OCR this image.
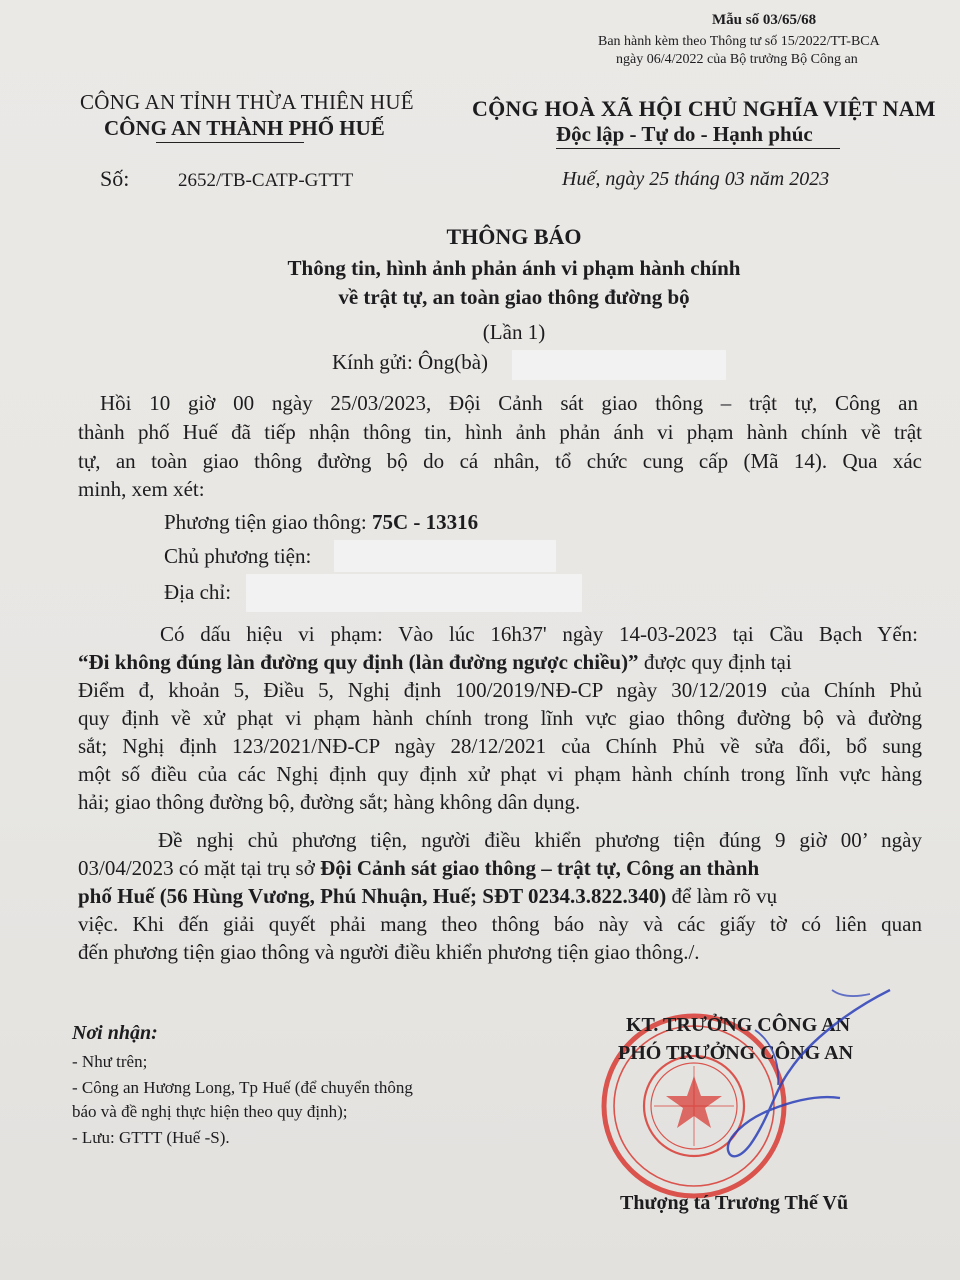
Mẫu số 03/65/68
Ban hành kèm theo Thông tư số 15/2022/TT-BCA
ngày 06/4/2022 của Bộ trưởng Bộ Công an
CÔNG AN TỈNH THỪA THIÊN HUẾ
CÔNG AN THÀNH PHỐ HUẾ
Số:	2652/TB-CATP-GTTT
CỘNG HOÀ XÃ HỘI CHỦ NGHĨA VIỆT NAM
Độc lập - Tự do - Hạnh phúc
Huế, ngày 25 tháng 03 năm 2023
THÔNG BÁO
Thông tin, hình ảnh phản ánh vi phạm hành chính
về trật tự, an toàn giao thông đường bộ
(Lần 1)
Kính gửi: Ông(bà)
Hồi 10 giờ 00 ngày 25/03/2023, Đội Cảnh sát giao thông – trật tự, Công an
thành phố Huế đã tiếp nhận thông tin, hình ảnh phản ánh vi phạm hành chính về trật
tự, an toàn giao thông đường bộ do cá nhân, tổ chức cung cấp (Mã 14). Qua xác
minh, xem xét:
Phương tiện giao thông: 75C - 13316
Chủ phương tiện:
Địa chỉ:
Có dấu hiệu vi phạm: Vào lúc 16h37' ngày 14-03-2023 tại Cầu Bạch Yến:
“Đi không đúng làn đường quy định (làn đường ngược chiều)” được quy định tại
Điểm đ, khoản 5, Điều 5, Nghị định 100/2019/NĐ-CP ngày 30/12/2019 của Chính Phủ
quy định về xử phạt vi phạm hành chính trong lĩnh vực giao thông đường bộ và đường
sắt; Nghị định 123/2021/NĐ-CP ngày 28/12/2021 của Chính Phủ về sửa đổi, bổ sung
một số điều của các Nghị định quy định xử phạt vi phạm hành chính trong lĩnh vực hàng
hải; giao thông đường bộ, đường sắt; hàng không dân dụng.
Đề nghị chủ phương tiện, người điều khiển phương tiện đúng 9 giờ 00’ ngày
03/04/2023 có mặt tại trụ sở Đội Cảnh sát giao thông – trật tự, Công an thành
phố Huế (56 Hùng Vương, Phú Nhuận, Huế; SĐT 0234.3.822.340) để làm rõ vụ
việc. Khi đến giải quyết phải mang theo thông báo này và các giấy tờ có liên quan
đến phương tiện giao thông và người điều khiển phương tiện giao thông./.
Nơi nhận:
- Như trên;
- Công an Hương Long, Tp Huế (để chuyển thông
báo và đề nghị thực hiện theo quy định);
- Lưu: GTTT (Huế -S).
KT. TRƯỞNG CÔNG AN
PHÓ TRƯỞNG CÔNG AN
Thượng tá Trương Thế Vũ
